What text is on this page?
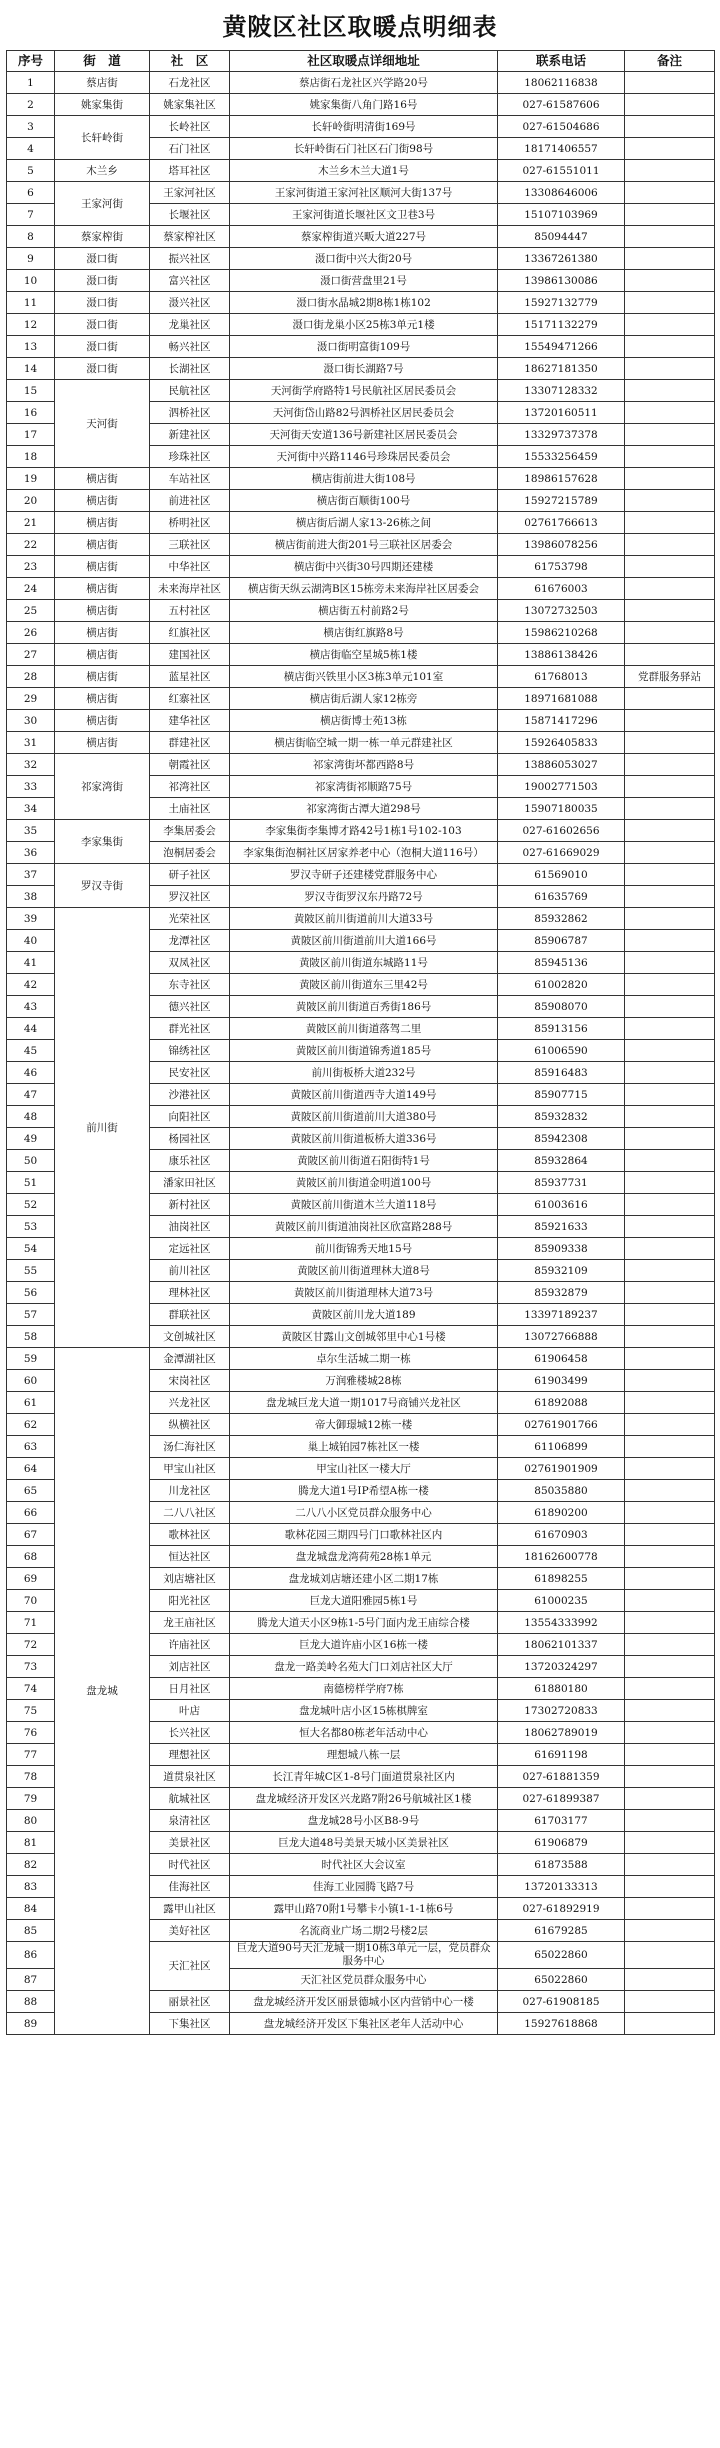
黄陂区社区取暖点明细表
序号	街　道	社　区	社区取暖点详细地址	联系电话	备注
1	蔡店街	石龙社区	蔡店街石龙社区兴学路20号	18062116838	
2	姚家集街	姚家集社区	姚家集街八角门路16号	027-61587606	
3	长轩岭街	长岭社区	长轩岭街明清街169号	027-61504686	
4		石门社区	长轩岭街石门社区石门街98号	18171406557	
5	木兰乡	塔耳社区	木兰乡木兰大道1号	027-61551011	
6	王家河街	王家河社区	王家河街道王家河社区顺河大街137号	13308646006	
7		长堰社区	王家河街道长堰社区文卫巷3号	15107103969	
8	蔡家榨街	蔡家榨社区	蔡家榨街道兴畈大道227号	85094447	
9	滠口街	振兴社区	滠口街中兴大街20号	13367261380	
10	滠口街	富兴社区	滠口街营盘里21号	13986130086	
11	滠口街	滠兴社区	滠口街水晶城2期8栋1栋102	15927132779	
12	滠口街	龙巢社区	滠口街龙巢小区25栋3单元1楼	15171132279	
13	滠口街	畅兴社区	滠口街明富街109号	15549471266	
14	滠口街	长湖社区	滠口街长湖路7号	18627181350	
15	天河街	民航社区	天河街学府路特1号民航社区居民委员会	13307128332	
16		泗桥社区	天河街岱山路82号泗桥社区居民委员会	13720160511	
17		新建社区	天河街天安道136号新建社区居民委员会	13329737378	
18		珍珠社区	天河街中兴路1146号珍珠居民委员会	15533256459	
19	横店街	车站社区	横店街前进大街108号	18986157628	
20	横店街	前进社区	横店街百顺街100号	15927215789	
21	横店街	桥明社区	横店街后湖人家13-26栋之间	02761766613	
22	横店街	三联社区	横店街前进大街201号三联社区居委会	13986078256	
23	横店街	中华社区	横店街中兴街30号四期还建楼	61753798	
24	横店街	未来海岸社区	横店街天纵云湖湾B区15栋旁未来海岸社区居委会	61676003	
25	横店街	五村社区	横店街五村前路2号	13072732503	
26	横店街	红旗社区	横店街红旗路8号	15986210268	
27	横店街	建国社区	横店街临空星城5栋1楼	13886138426	
28	横店街	蓝星社区	横店街兴铁里小区3栋3单元101室	61768013	党群服务驿站
29	横店街	红寨社区	横店街后湖人家12栋旁	18971681088	
30	横店街	建华社区	横店街博士苑13栋	15871417296	
31	横店街	群建社区	横店街临空城一期一栋一单元群建社区	15926405833	
32	祁家湾街	朝霞社区	祁家湾街坏都西路8号	13886053027	
33		祁湾社区	祁家湾街祁顺路75号	19002771503	
34		土庙社区	祁家湾街古潭大道298号	15907180035	
35	李家集街	李集居委会	李家集街李集博才路42号1栋1号102-103	027-61602656	
36		泡桐居委会	李家集街泡桐社区居家养老中心（泡桐大道116号）	027-61669029	
37	罗汉寺街	研子社区	罗汉寺研子还建楼党群服务中心	61569010	
38		罗汉社区	罗汉寺街罗汉东丹路72号	61635769	
39	前川街	光荣社区	黄陂区前川街道前川大道33号	85932862	
40		龙潭社区	黄陂区前川街道前川大道166号	85906787	
41		双凤社区	黄陂区前川街道东城路11号	85945136	
42		东寺社区	黄陂区前川街道东三里42号	61002820	
43		德兴社区	黄陂区前川街道百秀街186号	85908070	
44		群光社区	黄陂区前川街道落驾二里	85913156	
45		锦绣社区	黄陂区前川街道锦秀道185号	61006590	
46		民安社区	前川街板桥大道232号	85916483	
47		沙港社区	黄陂区前川街道西寺大道149号	85907715	
48		向阳社区	黄陂区前川街道前川大道380号	85932832	
49		杨园社区	黄陂区前川街道板桥大道336号	85942308	
50		康乐社区	黄陂区前川街道石阳街特1号	85932864	
51		潘家田社区	黄陂区前川街道金明道100号	85937731	
52		新村社区	黄陂区前川街道木兰大道118号	61003616	
53		油岗社区	黄陂区前川街道油岗社区欣富路288号	85921633	
54		定远社区	前川街锦秀天地15号	85909338	
55		前川社区	黄陂区前川街道理林大道8号	85932109	
56		理林社区	黄陂区前川街道理林大道73号	85932879	
57		群联社区	黄陂区前川龙大道189	13397189237	
58		文创城社区	黄陂区甘露山文创城邻里中心1号楼	13072766888	
59	盘龙城	金潭湖社区	卓尔生活城二期一栋	61906458	
60		宋岗社区	万润雅楼城28栋	61903499	
61		兴龙社区	盘龙城巨龙大道一期1017号商铺兴龙社区	61892088	
62		纵横社区	帝大御璟城12栋一楼	02761901766	
63		汤仁海社区	巢上城铂园7栋社区一楼	61106899	
64		甲宝山社区	甲宝山社区一楼大厅	02761901909	
65		川龙社区	腾龙大道1号IP希望A栋一楼	85035880	
66		二八八社区	二八八小区党员群众服务中心	61890200	
67		歌林社区	歌林花园三期四号门口歌林社区内	61670903	
68		恒达社区	盘龙城盘龙湾荷苑28栋1单元	18162600778	
69		刘店塘社区	盘龙城刘店塘还建小区二期17栋	61898255	
70		阳光社区	巨龙大道阳雅园5栋1号	61000235	
71		龙王庙社区	腾龙大道天小区9栋1-5号门面内龙王庙综合楼	13554333992	
72		许庙社区	巨龙大道许庙小区16栋一楼	18062101337	
73		刘店社区	盘龙一路美岭名苑大门口刘店社区大厅	13720324297	
74		日月社区	南德榜样学府7栋	61880180	
75		叶店	盘龙城叶店小区15栋棋牌室	17302720833	
76		长兴社区	恒大名都80栋老年活动中心	18062789019	
77		理想社区	理想城八栋一层	61691198	
78		道贯泉社区	长江青年城C区1-8号门面道贯泉社区内	027-61881359	
79		航城社区	盘龙城经济开发区兴龙路7附26号航城社区1楼	027-61899387	
80		泉清社区	盘龙城28号小区B8-9号	61703177	
81		美景社区	巨龙大道48号美景天城小区美景社区	61906879	
82		时代社区	时代社区大会议室	61873588	
83		佳海社区	佳海工业园腾飞路7号	13720133313	
84		露甲山社区	露甲山路70附1号攀卡小镇1-1-1栋6号	027-61892919	
85		美好社区	名流商业广场二期2号楼2层	61679285	
86		天汇社区	巨龙大道90号天汇龙城一期10栋3单元一层，党员群众服务中心	65022860	
87			天汇社区党员群众服务中心	65022860	
88		丽景社区	盘龙城经济开发区丽景德城小区内营销中心一楼	027-61908185	
89		下集社区	盘龙城经济开发区下集社区老年人活动中心	15927618868	
